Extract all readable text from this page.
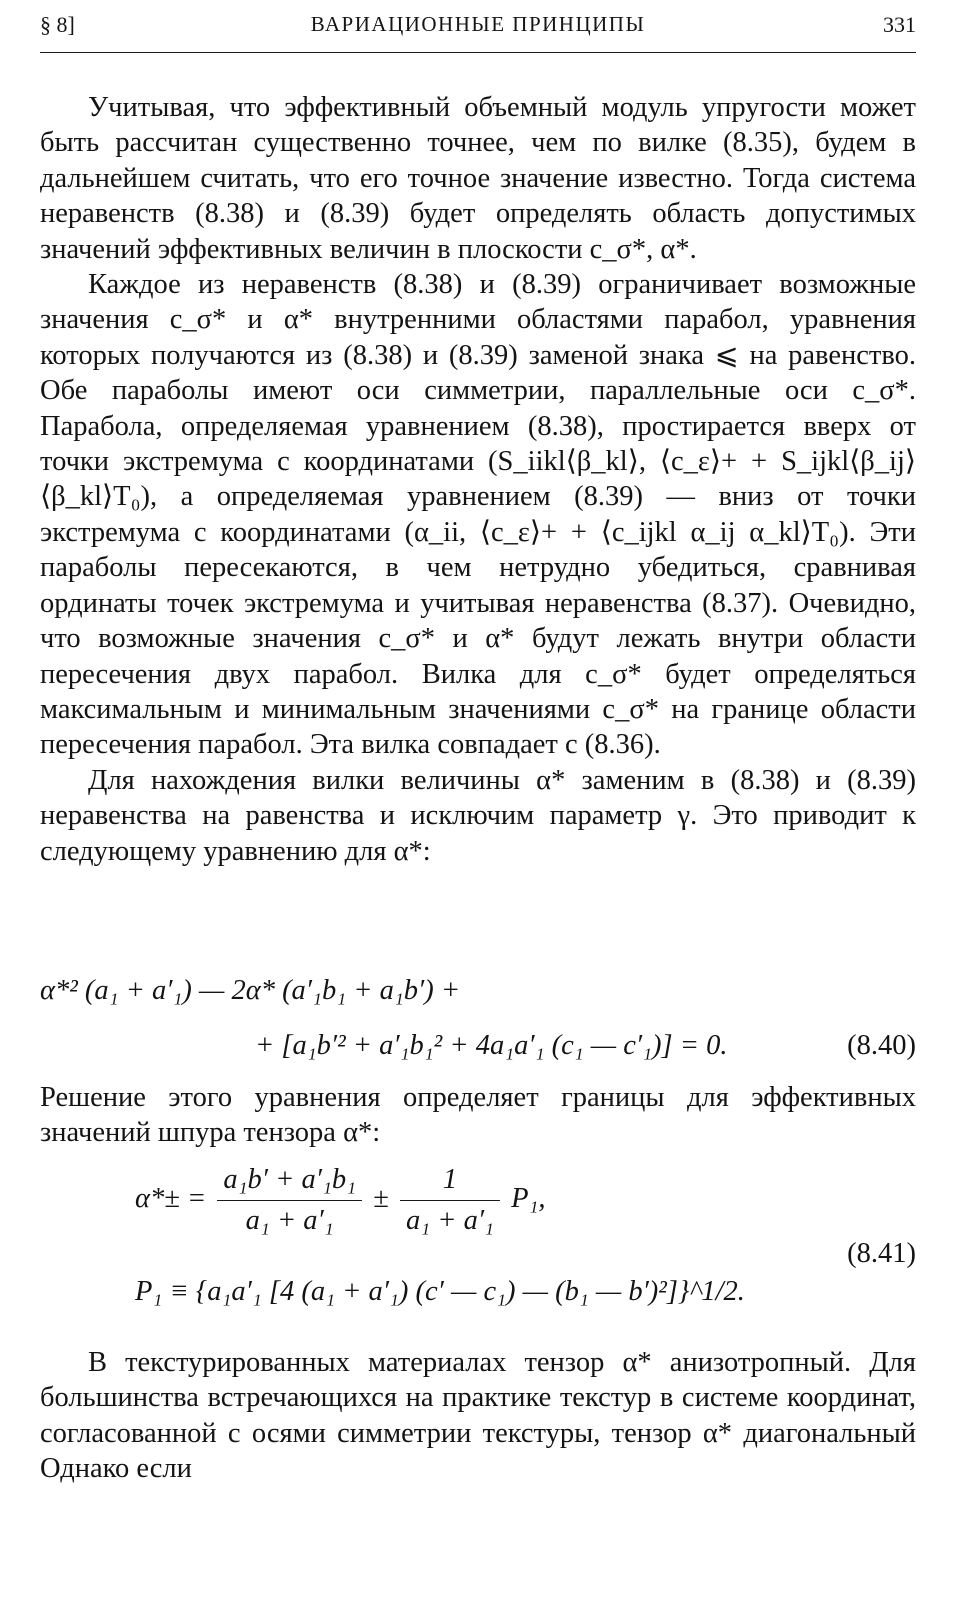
§ 8]	ВАРИАЦИОННЫЕ ПРИНЦИПЫ	331

Учитывая, что эффективный объемный модуль упругости может быть рассчитан существенно точнее, чем по вилке (8.35), будем в дальнейшем считать, что его точное значение известно. Тогда система неравенств (8.38) и (8.39) будет определять область допустимых значений эффективных величин в плоскости c_σ*, α*.

Каждое из неравенств (8.38) и (8.39) ограничивает возможные значения c_σ* и α* внутренними областями парабол, уравнения которых получаются из (8.38) и (8.39) заменой знака ⩽ на равенство. Обе параболы имеют оси симметрии, параллельные оси c_σ*. Парабола, определяемая уравнением (8.38), простирается вверх от точки экстремума с координатами (S_iikl⟨β_kl⟩, ⟨c_ε⟩+ + S_ijkl⟨β_ij⟩⟨β_kl⟩T₀), а определяемая уравнением (8.39) — вниз от точки экстремума с координатами (α_ii, ⟨c_ε⟩+ + ⟨c_ijkl α_ij α_kl⟩T₀). Эти параболы пересекаются, в чем нетрудно убедиться, сравнивая ординаты точек экстремума и учитывая неравенства (8.37). Очевидно, что возможные значения c_σ* и α* будут лежать внутри области пересечения двух парабол. Вилка для c_σ* будет определяться максимальным и минимальным значениями c_σ* на границе области пересечения парабол. Эта вилка совпадает с (8.36).

Для нахождения вилки величины α* заменим в (8.38) и (8.39) неравенства на равенства и исключим параметр γ. Это приводит к следующему уравнению для α*:

α*² (a₁ + a′₁) — 2α* (a′₁b₁ + a₁b′) +
+ [a₁b′² + a′₁b₁² + 4a₁a′₁ (c₁ — c′₁)] = 0.	(8.40)

Решение этого уравнения определяет границы для эффективных значений шпура тензора α*:

$\alpha*\pm = \frac{\text{a₁b′ + a′₁b₁}}{\text{a₁ + a′₁}} \pm \frac{1}{\text{a₁ + a′₁}} P_1$,
(8.41)
P₁ ≡ {a₁a′₁ [4 (a₁ + a′₁) (c′ — c₁) — (b₁ — b′)²]}^1/2.

В текстурированных материалах тензор α* анизотропный. Для большинства встречающихся на практике текстур в системе координат, согласованной с осями симметрии текстуры, тензор α* диагональный Однако если
